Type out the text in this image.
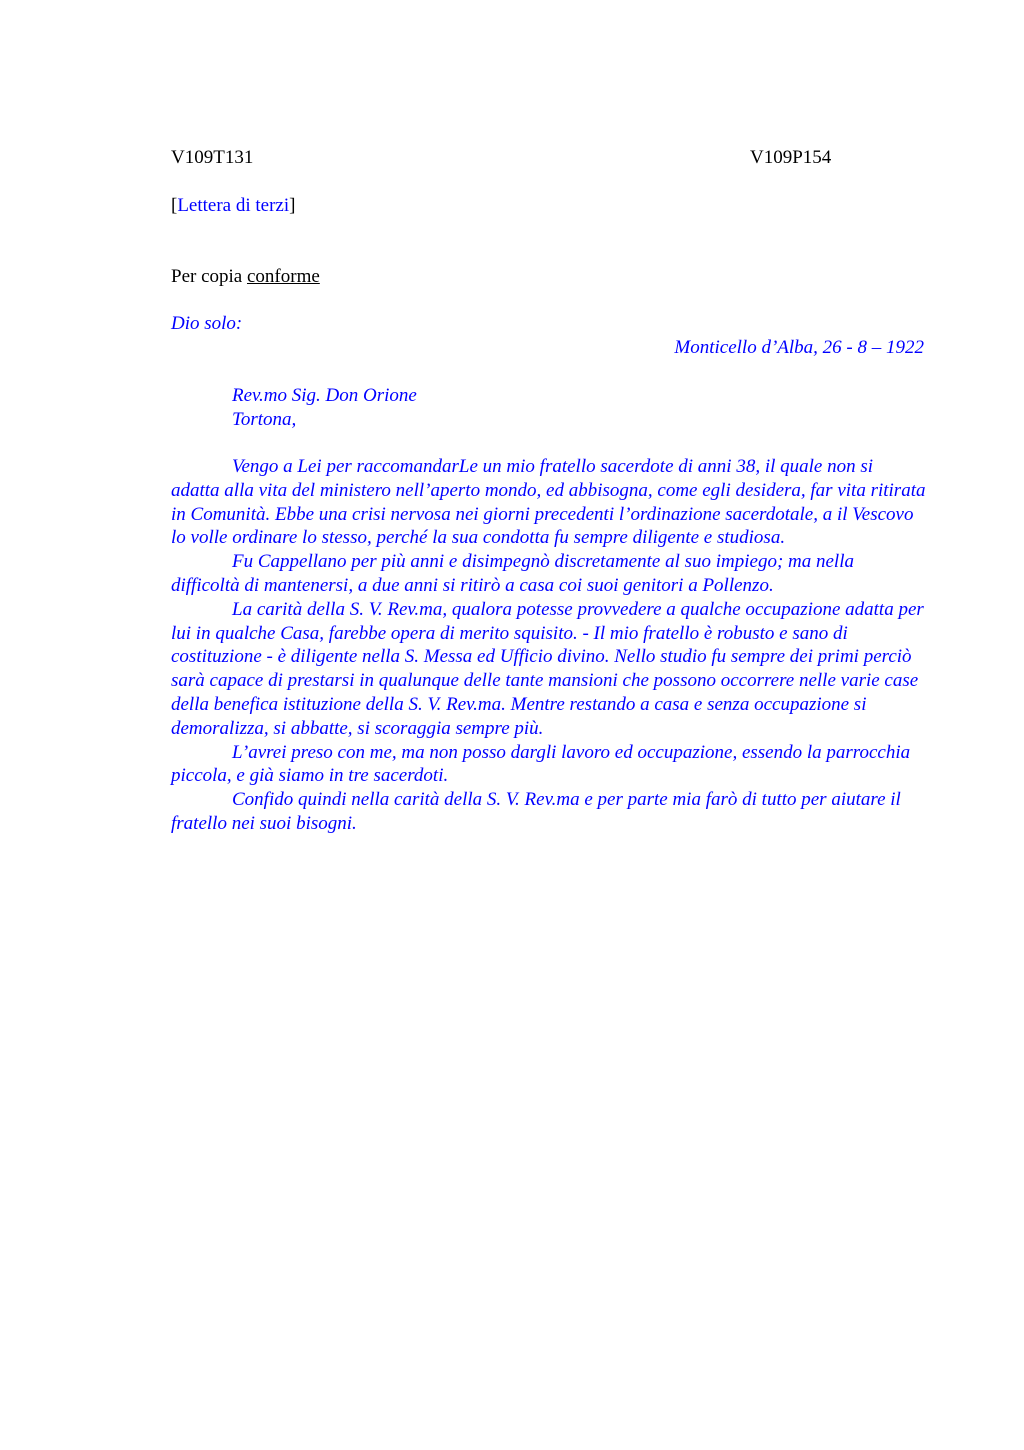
V109T131	V109P154
[Lettera di terzi]
Per copia conforme
Dio solo:
Monticello d’Alba, 26 - 8 – 1922
Rev.mo Sig. Don Orione
Tortona,

Vengo a Lei per raccomandarLe un mio fratello sacerdote di anni 38, il quale non si adatta alla vita del ministero nell’aperto mondo, ed abbisogna, come egli desidera, far vita ritirata in Comunità. Ebbe una crisi nervosa nei giorni precedenti l’ordinazione sacerdotale, a il Vescovo lo volle ordinare lo stesso, perché la sua condotta fu sempre diligente e studiosa.

Fu Cappellano per più anni e disimpegnò discretamente al suo impiego; ma nella difficoltà di mantenersi, a due anni si ritirò a casa coi suoi genitori a Pollenzo.

La carità della S. V. Rev.ma, qualora potesse provvedere a qualche occupazione adatta per lui in qualche Casa, farebbe opera di merito squisito. - Il mio fratello è robusto e sano di costituzione - è diligente nella S. Messa ed Ufficio divino. Nello studio fu sempre dei primi perciò sarà capace di prestarsi in qualunque delle tante mansioni che possono occorrere nelle varie case della benefica istituzione della S. V. Rev.ma. Mentre restando a casa e senza occupazione si demoralizza, si abbatte, si scoraggia sempre più.

L’avrei preso con me, ma non posso dargli lavoro ed occupazione, essendo la parrocchia piccola, e già siamo in tre sacerdoti.

Confido quindi nella carità della S. V. Rev.ma e per parte mia farò di tutto per aiutare il fratello nei suoi bisogni.
